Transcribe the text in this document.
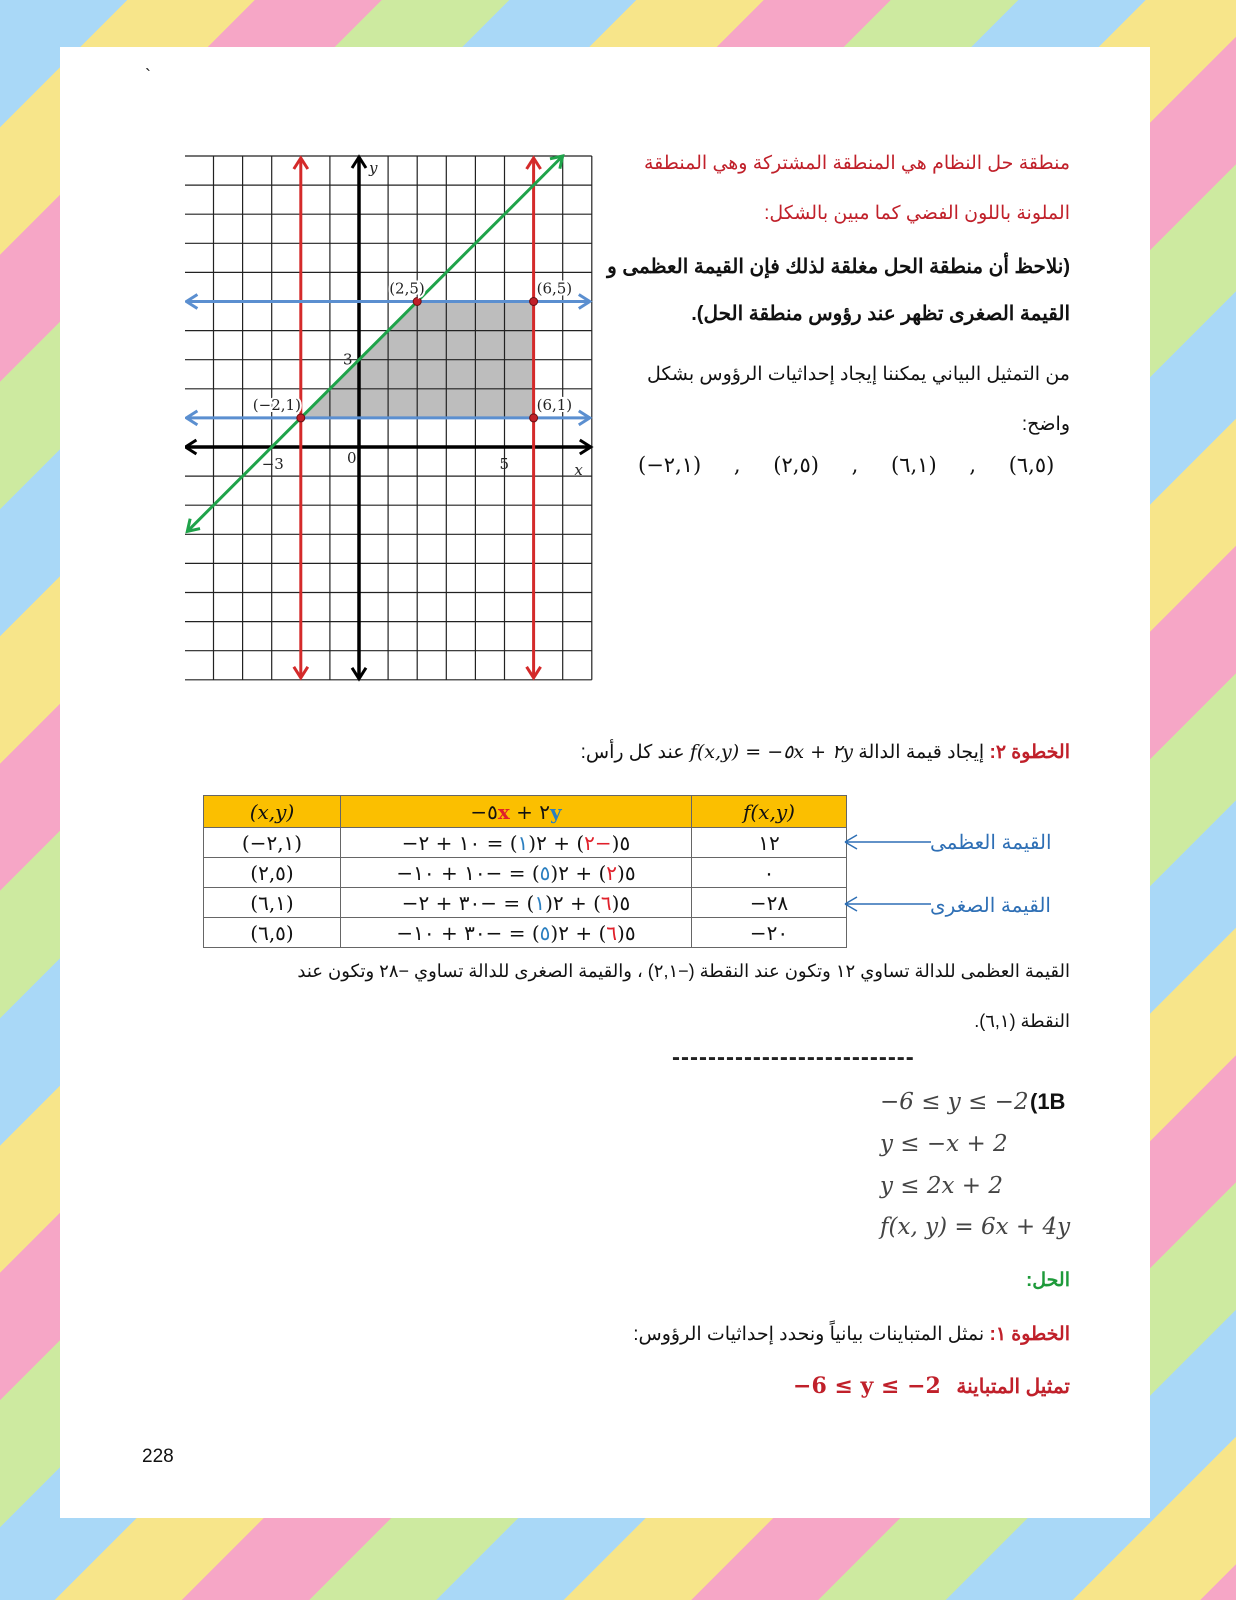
`
(−2,1)
(2,5)	(6,5)
(6,1)
−3	0	5
3
y
x
منطقة حل النظام هي المنطقة المشتركة وهي المنطقة
الملونة باللون الفضي كما مبين بالشكل:
(نلاحظ أن منطقة الحل مغلقة لذلك فإن القيمة العظمى و
القيمة الصغرى تظهر عند رؤوس منطقة الحل).
من التمثيل البياني يمكننا إيجاد إحداثيات الرؤوس بشكل
واضح:
(−٢,١) , (٢,٥) , (٦,١) , (٦,٥)
الخطوة ٢: إيجاد قيمة الدالة f(x,y) = −٥x + ٢y عند كل رأس:
(x,y)	−٥x + ٢y	f(x,y)
(−٢,١)	−٥(−٢) + ٢(١) = ١٠ + ٢	١٢
(٢,٥)	−٥(٢) + ٢(٥) = −١٠ + ١٠	٠
(٦,١)	−٥(٦) + ٢(١) = −٣٠ + ٢	−٢٨
(٦,٥)	−٥(٦) + ٢(٥) = −٣٠ + ١٠	−٢٠
القيمة العظمى
القيمة الصغرى
القيمة العظمى للدالة تساوي ١٢ وتكون عند النقطة (−٢,١) ، والقيمة الصغرى للدالة تساوي −٢٨ وتكون عند
النقطة (٦,١).
---------------------------
(1B
−6 ≤ y ≤ −2
y ≤ −x + 2
y ≤ 2x + 2
f(x, y) = 6x + 4y
الحل:
الخطوة ١: نمثل المتباينات بيانياً ونحدد إحداثيات الرؤوس:
تمثيل المتباينة −6 ≤ y ≤ −2
228
